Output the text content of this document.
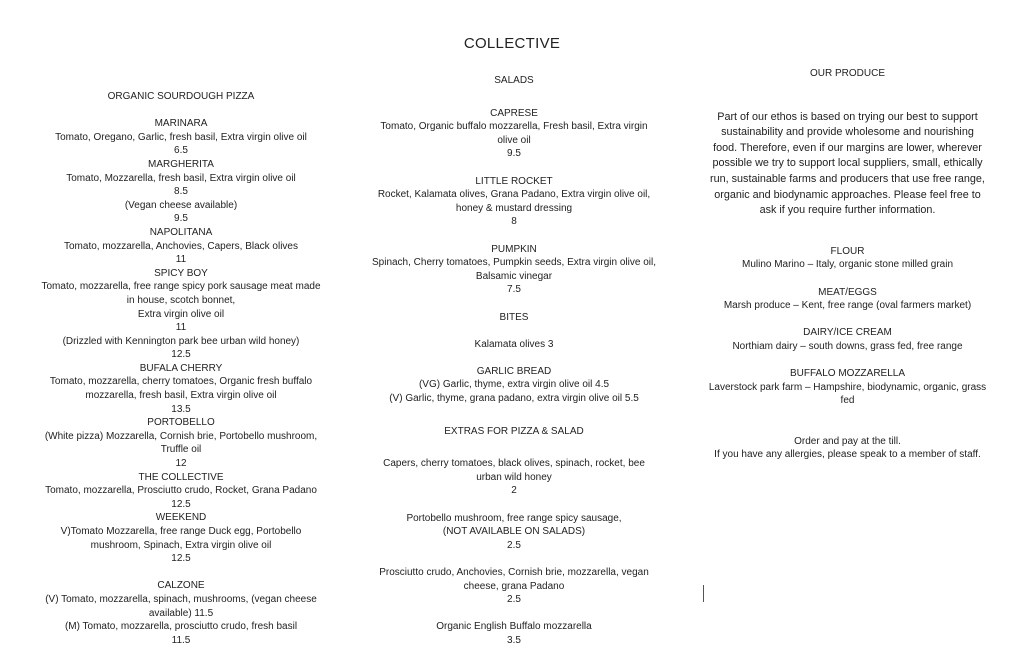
COLLECTIVE

ORGANIC SOURDOUGH PIZZA

MARINARA

Tomato, Oregano, Garlic, fresh basil, Extra virgin olive oil

6.5

MARGHERITA

Tomato, Mozzarella, fresh basil, Extra virgin olive oil

8.5

(Vegan cheese available)

9.5

NAPOLITANA

Tomato, mozzarella, Anchovies, Capers, Black olives

11

SPICY BOY

Tomato, mozzarella, free range spicy pork sausage meat made

in house, scotch bonnet,

Extra virgin olive oil

11

(Drizzled with Kennington park bee urban wild honey)

12.5

BUFALA CHERRY

Tomato, mozzarella, cherry tomatoes, Organic fresh buffalo

mozzarella, fresh basil, Extra virgin olive oil

13.5

PORTOBELLO

(White pizza) Mozzarella, Cornish brie, Portobello mushroom,

Truffle oil

12

THE COLLECTIVE

Tomato, mozzarella, Prosciutto crudo, Rocket, Grana Padano

12.5

WEEKEND

V)Tomato Mozzarella, free range Duck egg, Portobello

mushroom, Spinach, Extra virgin olive oil

12.5

CALZONE

(V) Tomato, mozzarella, spinach, mushrooms, (vegan cheese

available) 11.5

(M) Tomato, mozzarella, prosciutto crudo, fresh basil

11.5

SALADS

CAPRESE

Tomato, Organic buffalo mozzarella, Fresh basil, Extra virgin

olive oil

9.5

LITTLE ROCKET

Rocket, Kalamata olives, Grana Padano, Extra virgin olive oil,

honey & mustard dressing

8

PUMPKIN

Spinach, Cherry tomatoes, Pumpkin seeds, Extra virgin olive oil,

Balsamic vinegar

7.5

BITES

Kalamata olives 3

GARLIC BREAD

(VG) Garlic, thyme, extra virgin olive oil 4.5

(V) Garlic, thyme, grana padano, extra virgin olive oil 5.5

EXTRAS FOR PIZZA & SALAD

Capers, cherry tomatoes, black olives, spinach, rocket, bee

urban wild honey

2

Portobello mushroom, free range spicy sausage,

(NOT AVAILABLE ON SALADS)

2.5

Prosciutto crudo, Anchovies, Cornish brie, mozzarella, vegan

cheese, grana Padano

2.5

Organic English Buffalo mozzarella

3.5

OUR PRODUCE

Part of our ethos is based on trying our best to support

sustainability and provide wholesome and nourishing

food. Therefore, even if our margins are lower, wherever

possible we try to support local suppliers, small, ethically

run, sustainable farms and producers that use free range,

organic and biodynamic approaches. Please feel free to

ask if you require further information.

FLOUR

Mulino Marino – Italy, organic stone milled grain

MEAT/EGGS

Marsh produce – Kent, free range (oval farmers market)

DAIRY/ICE CREAM

Northiam dairy – south downs, grass fed, free range

BUFFALO MOZZARELLA

Laverstock park farm – Hampshire, biodynamic, organic, grass

fed

Order and pay at the till.

If you have any allergies, please speak to a member of staff.
